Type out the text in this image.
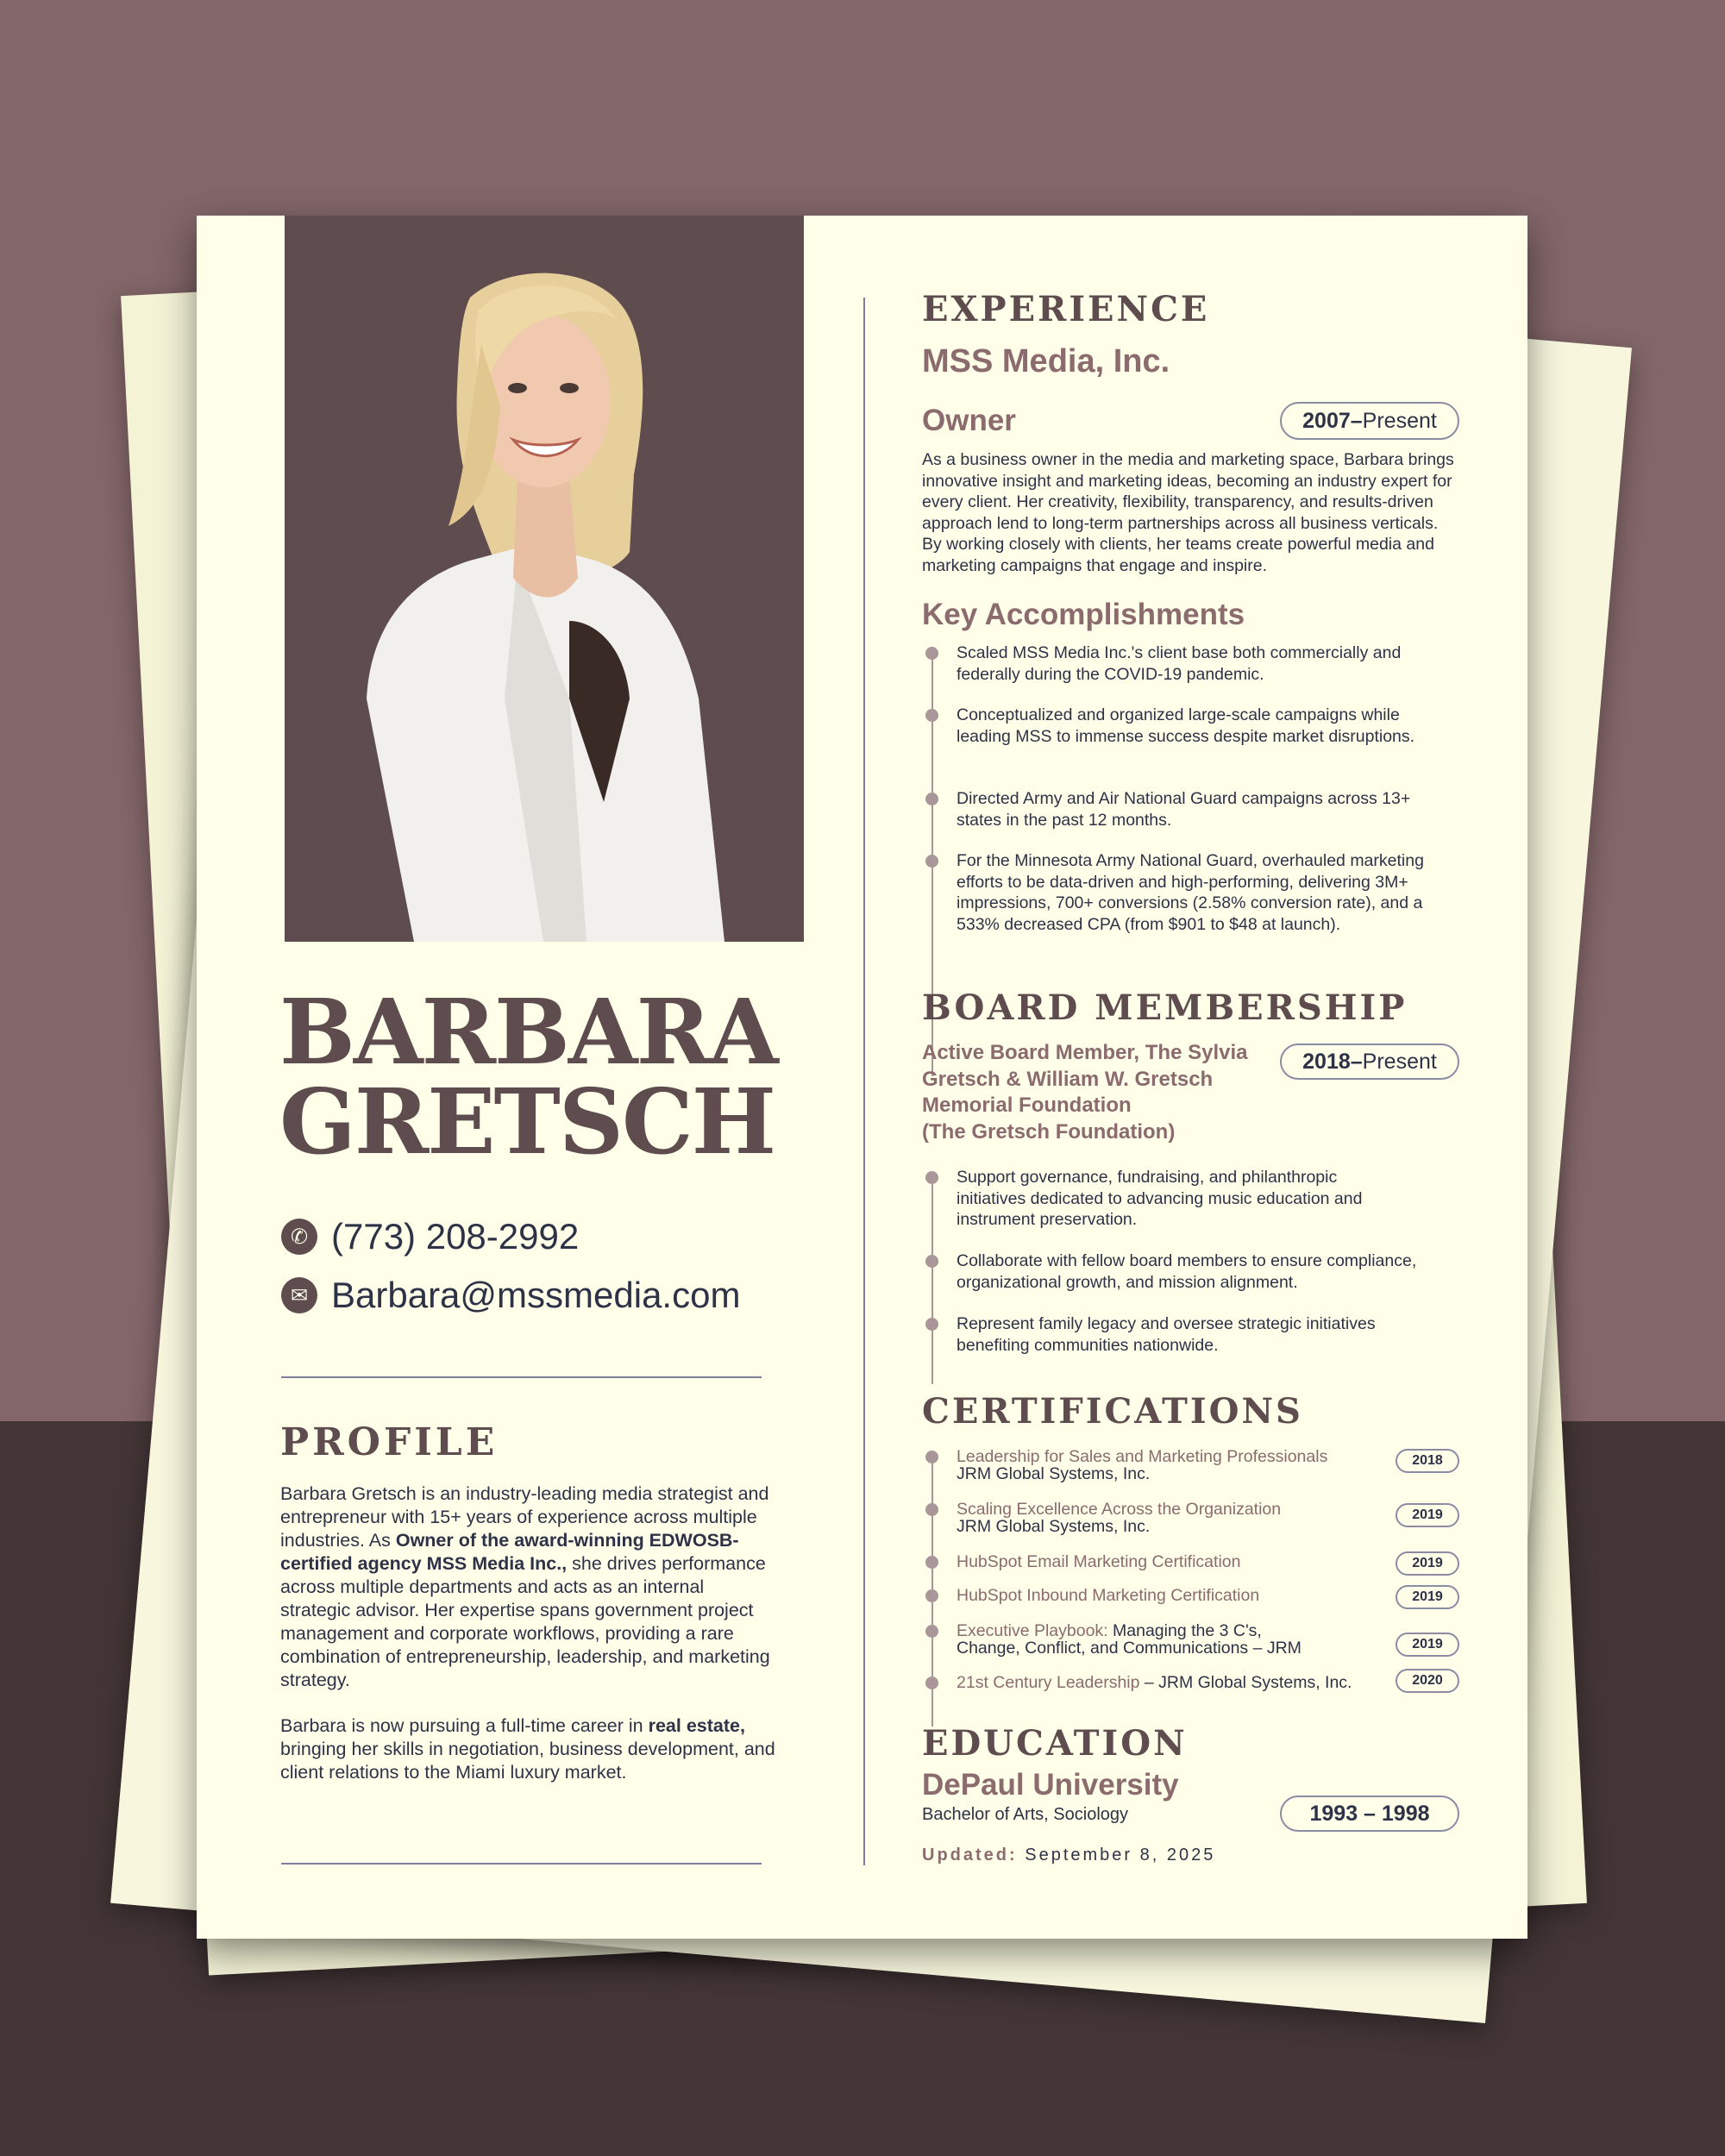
BARBARA
GRETSCH
✆ (773) 208-2992
✉ Barbara@mssmedia.com
PROFILE
Barbara Gretsch is an industry-leading media strategist and entrepreneur with 15+ years of experience across multiple industries. As Owner of the award-winning EDWOSB-certified agency MSS Media Inc., she drives performance across multiple departments and acts as an internal strategic advisor. Her expertise spans government project management and corporate workflows, providing a rare combination of entrepreneurship, leadership, and marketing strategy.
Barbara is now pursuing a full-time career in real estate, bringing her skills in negotiation, business development, and client relations to the Miami luxury market.
EXPERIENCE
MSS Media, Inc.
Owner	2007 – Present
As a business owner in the media and marketing space, Barbara brings innovative insight and marketing ideas, becoming an industry expert for every client. Her creativity, flexibility, transparency, and results-driven approach lend to long-term partnerships across all business verticals. By working closely with clients, her teams create powerful media and marketing campaigns that engage and inspire.
Key Accomplishments
Scaled MSS Media Inc.'s client base both commercially and federally during the COVID-19 pandemic.
Conceptualized and organized large-scale campaigns while leading MSS to immense success despite market disruptions.
Directed Army and Air National Guard campaigns across 13+ states in the past 12 months.
For the Minnesota Army National Guard, overhauled marketing efforts to be data-driven and high-performing, delivering 3M+ impressions, 700+ conversions (2.58% conversion rate), and a 533% decreased CPA (from $901 to $48 at launch).
BOARD MEMBERSHIP
Active Board Member, The Sylvia
Gretsch & William W. Gretsch
Memorial Foundation
(The Gretsch Foundation)
2018 – Present
Support governance, fundraising, and philanthropic initiatives dedicated to advancing music education and instrument preservation.
Collaborate with fellow board members to ensure compliance, organizational growth, and mission alignment.
Represent family legacy and oversee strategic initiatives benefiting communities nationwide.
CERTIFICATIONS
Leadership for Sales and Marketing Professionals
JRM Global Systems, Inc.
2018
Scaling Excellence Across the Organization
JRM Global Systems, Inc.
2019
HubSpot Email Marketing Certification	2019
HubSpot Inbound Marketing Certification	2019
Executive Playbook: Managing the 3 C's,
Change, Conflict, and Communications – JRM	2019
21st Century Leadership – JRM Global Systems, Inc.	2020
EDUCATION
DePaul University
Bachelor of Arts, Sociology	1993 – 1998
Updated: September 8, 2025
